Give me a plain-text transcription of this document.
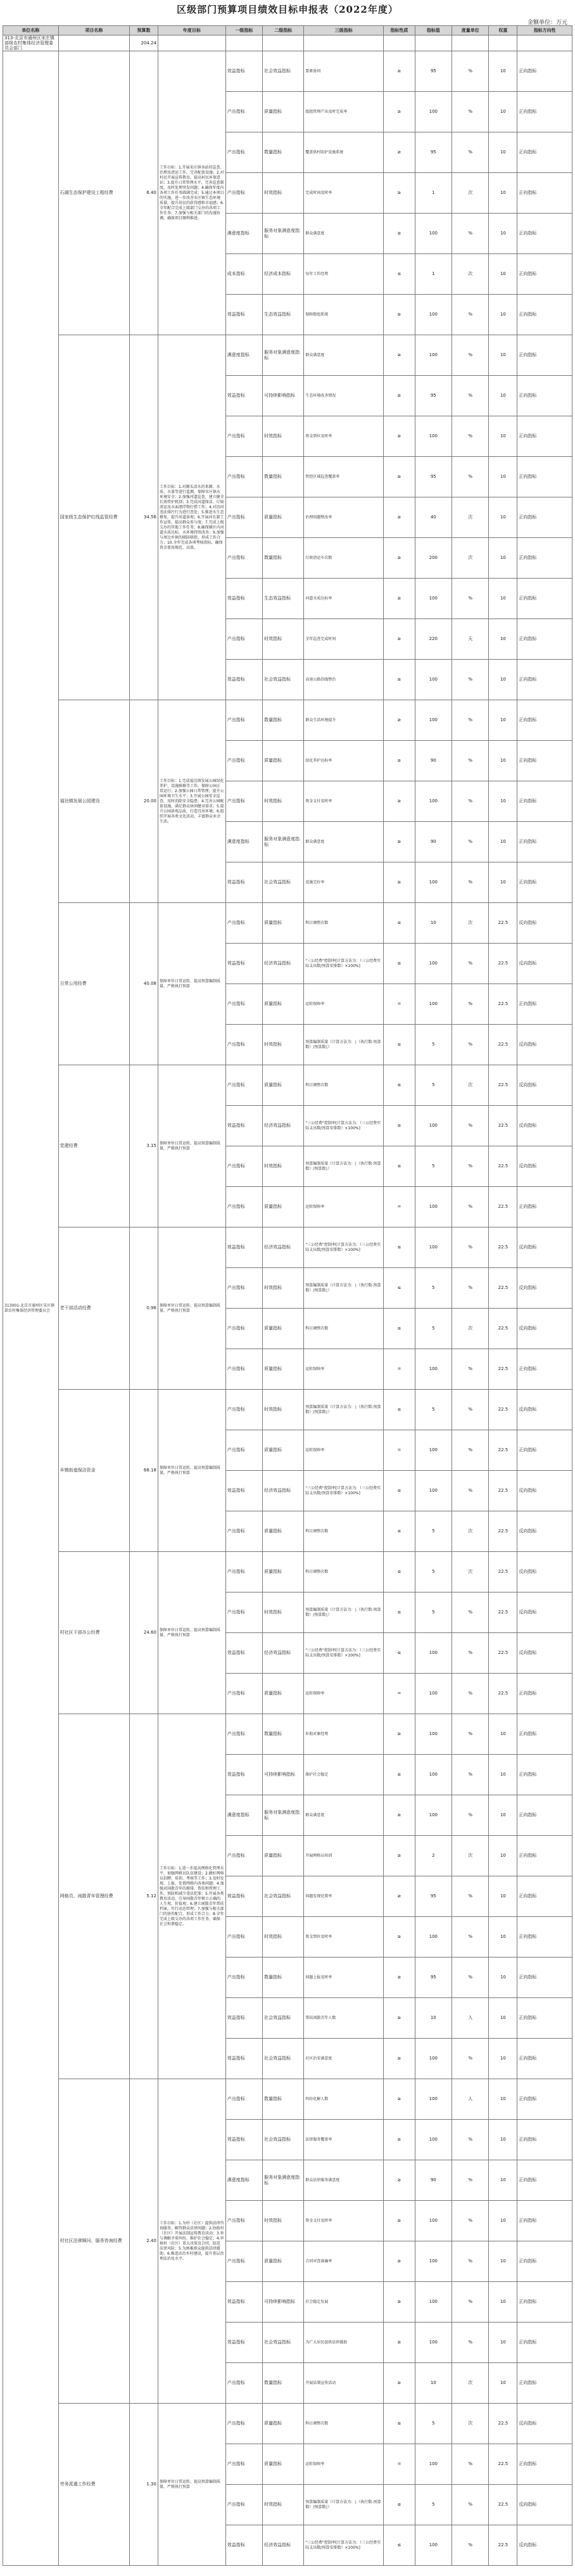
区级部门预算项目绩效目标申报表（2022年度）
金额单位：万元
单位名称	项目名称	预算数	年度目标	一级指标	二级指标	三级指标	指标性质	指标值	度量单位	权重	指标方向性
313-北京市通州区宋庄镇部级农村集体经济管理委员会部门		204.24									
313001-北京市通州区宋庄镇部农村集体经济管理委员会	石湖生态保护建设工程经费	6.40	工作目标：1.开展宋庄镇各站的巡查、治理及清运工作，完善配套设施；2.对村民开展宣传教育，提高村民环保意识；3.提升日常管理水平，完善巡查制度，及时处理突发问题；4.确保年度内各项工作任务圆满完成；5.通过本项目的实施，进一步改善宋庄镇生态环境质量，提升居民的获得感和幸福感；6.全年配合完成上级部门交办的各项工作任务；7.加强与相关部门的沟通协调，确保项目顺利推进。	效益指标	社会效益指标	要素协同	≥	95	%	10	正向指标
				产出指标	质量指标	组组管理产出及时完成率	≥	100	%	10	正向指标
				产出指标	数量指标	覆盖供村防护设施系统	≥	95	%	10	正向指标
				产出指标	时效指标	完成时间及时率	≥	1	次	10	正向指标
				满意度指标	服务对象满意度指标	群众满意度	≥	100	%	10	正向指标
				成本指标	经济成本指标	每年工作经费	≤	1	次	10	正向指标
				效益指标	生态效益指标	保障数组系统	≥	100	%	10	正向指标
	国家级生态保护红线监管经费	34.56	工作目标：1.对源头活水的来源、水质、水量等进行监测，保障宋庄镇水环境安全；2.加强河道巡查，建立健全长效管护机制；3.完成河道保洁、垃圾清运及水面漂浮物打捞工作；4.对沿河违法排污行为进行查处；5.推进水生态修复，提升河道景观；6.开展河长制工作宣传，提高群众参与度；7.完成上级交办的其他工作任务；8.确保辖区内河道水质达标，水环境持续改善；9.加强与周边乡镇的联防联控，形成工作合力；10.全年完成各项考核指标，确保资金使用规范、高效。	满意度指标	服务对象满意度指标	群众满意度	≥	100	%	10	正向指标
				效益指标	可持续影响指标	生态环境改善情况	≥	95	%	10	正向指标
				产出指标	时效指标	资金到位及时率	≥	100	%	10	正向指标
				产出指标	数量指标	管控区域巡查覆盖率	≥	95	%	10	正向指标
				产出指标	质量指标	治理问题整改率	≥	40	次	10	正向指标
				产出指标	数量指标	垃圾清运车次数	≥	200	次	10	正向指标
				效益指标	生态效益指标	河道水质达标率	≥	100	%	10	正向指标
				产出指标	时效指标	全年巡查完成时间	≥	220	天	10	正向指标
				效益指标	社会效益指标	高速公路沿线整治	≥	100	%	10	正向指标
	福达镇发展公园建设	20.00	工作目标：1.完成福达镇发展公园绿化养护、设施维修等工作，保障公园正常运行；2.加强公园日常管理，提升公园环境卫生水平；3.开展公园安全巡查，及时消除安全隐患；4.完善公园配套设施，满足群众休闲健身需求；5.提升公园景观品质，打造宜居环境；6.组织开展各类文化活动，丰富群众业余生活。	产出指标	数量指标	群众生活环境提升	≥	100	%	10	正向指标
				产出指标	质量指标	绿化养护达标率	≥	90	%	10	正向指标
				产出指标	时效指标	资金支付及时率	≥	100	%	10	正向指标
				满意度指标	服务对象满意度指标	群众满意度	≥	90	%	10	正向指标
				效益指标	社会效益指标	设施完好率	≥	100	%	10	正向指标
	日常公用经费	40.08	保障单位日常运转，提高预算编制质量，严格执行预算	产出指标	质量指标	科目调整次数	≤	10	次	22.5	反向指标
				效益指标	经济效益指标	"三公经费"控制率[计算方法为：（三公经费实际支出数/预算安排数）×100%]	≤	100	%	22.5	反向指标
				产出指标	质量指标	运转保障率	=	100	%	22.5	正向指标
				产出指标	时效指标	预算编制质量（计算方法为：∣（执行数-预算数）/预算数∣）	≤	5	%	22.5	反向指标
	党建经费	3.15	保障单位日常运转，提高预算编制质量，严格执行预算	产出指标	质量指标	科目调整次数	≤	5	次	22.5	反向指标
				效益指标	经济效益指标	"三公经费"控制率[计算方法为：（三公经费实际支出数/预算安排数）×100%]	≤	100	%	22.5	反向指标
				产出指标	时效指标	预算编制质量（计算方法为：∣（执行数-预算数）/预算数∣）	≤	5	%	22.5	反向指标
				产出指标	质量指标	运转保障率	=	100	%	22.5	正向指标
	老干部活动经费	0.96	保障单位日常运转，提高预算编制质量，严格执行预算	效益指标	经济效益指标	"三公经费"控制率[计算方法为：（三公经费实际支出数/预算安排数）×100%]	≤	100	%	22.5	反向指标
				产出指标	时效指标	预算编制质量（计算方法为：∣（执行数-预算数）/预算数∣）	≤	5	%	22.5	反向指标
				产出指标	质量指标	科目调整次数	≤	5	次	22.5	反向指标
				产出指标	质量指标	运转保障率	=	100	%	22.5	正向指标
	乡镇街道保洁资金	68.18	保障单位日常运转，提高预算编制质量，严格执行预算	产出指标	时效指标	预算编制质量（计算方法为：∣（执行数-预算数）/预算数∣）	≤	5	%	22.5	反向指标
				产出指标	质量指标	运转保障率	=	100	%	22.5	正向指标
				效益指标	经济效益指标	"三公经费"控制率[计算方法为：（三公经费实际支出数/预算安排数）×100%]	≤	100	%	22.5	反向指标
				产出指标	质量指标	科目调整次数	≤	5	次	22.5	反向指标
	村社区干部办公经费	24.60	保障单位日常运转，提高预算编制质量，严格执行预算	产出指标	质量指标	科目调整次数	≤	5	次	22.5	反向指标
				产出指标	时效指标	预算编制质量（计算方法为：∣（执行数-预算数）/预算数∣）	≤	5	%	22.5	反向指标
				效益指标	经济效益指标	"三公经费"控制率[计算方法为：（三公经费实际支出数/预算安排数）×100%]	≤	100	%	22.5	反向指标
				产出指标	质量指标	运转保障率	=	100	%	22.5	正向指标
	网格员、闲散青年管理经费	5.12	工作目标：1.进一步提高网格化管理水平，加强网格员队伍建设；2.做好网格员招聘、培训、考核等工作；3.及时发现、上报、处置网格内各类问题；4.加强对闲散青年的摸排、帮扶和管理工作，预防和减少违法犯罪；5.开展各类教育活动，引导闲散青年树立正确的人生观、价值观；6.建立闲散青年帮扶档案，实行动态管理；7.加强与相关部门的协作配合，形成工作合力；8.全年完成上级交办的各项工作任务，确保社会和谐稳定。	产出指标	数量指标	补助对象经费	≥	100	%	10	正向指标
				效益指标	可持续影响指标	维护社会稳定	≥	100	%	10	正向指标
				满意度指标	服务对象满意度指标	群众满意度	≥	100	%	10	正向指标
				产出指标	质量指标	开展网格员培训	≥	2	次	10	正向指标
				效益指标	社会效益指标	问题发现处置率	≥	95	%	10	正向指标
				产出指标	时效指标	资金到位及时率	≥	100	%	10	正向指标
				产出指标	数量指标	问题上报及时率	≥	95	%	10	正向指标
				效益指标	社会效益指标	帮扶闲散青年人数	≥	10	人	10	正向指标
				效益指标	社会效益指标	社区治安满意度	≥	100	%	10	正向指标
	村社区法律顾问、服务咨询经费	2.40	工作目标：1.为村（社区）提供法律咨询服务，解答群众法律问题；2.协助村（社区）开展法制宣传教育活动；3.参与调解矛盾纠纷，维护社会稳定；4.审核村（社区）重大决策及合同，防范法律风险；5.为困难群众提供法律援助；6.推进法治乡村建设，提升基层治理法治化水平。	产出指标	数量指标	纠纷化解人数	≥	100	人	10	正向指标
				效益指标	社会效益指标	法律服务覆盖率	≥	100	%	10	正向指标
				满意度指标	服务对象满意度指标	群众法律服务满意度	≥	90	%	10	正向指标
				产出指标	时效指标	资金支付及时率	≥	100	%	10	正向指标
				产出指标	质量指标	合同审查准确率	≥	100	%	10	正向指标
				效益指标	可持续影响指标	社会稳定发展	≥	100	%	10	正向指标
				效益指标	社会效益指标	为广大居民提供法律援助	≥	100	%	10	正向指标
				产出指标	数量指标	开展法制宣传活动	≥	10	次	10	正向指标
	劳务派遣工作经费	1.30	保障单位日常运转，提高预算编制质量，严格执行预算	产出指标	质量指标	科目调整次数	≤	5	次	22.5	反向指标
				产出指标	质量指标	运转保障率	=	100	%	22.5	正向指标
				产出指标	时效指标	预算编制质量（计算方法为：∣（执行数-预算数）/预算数∣）	≤	5	%	22.5	反向指标
				效益指标	经济效益指标	"三公经费"控制率[计算方法为：（三公经费实际支出数/预算安排数）×100%]	≤	100	%	22.5	反向指标
